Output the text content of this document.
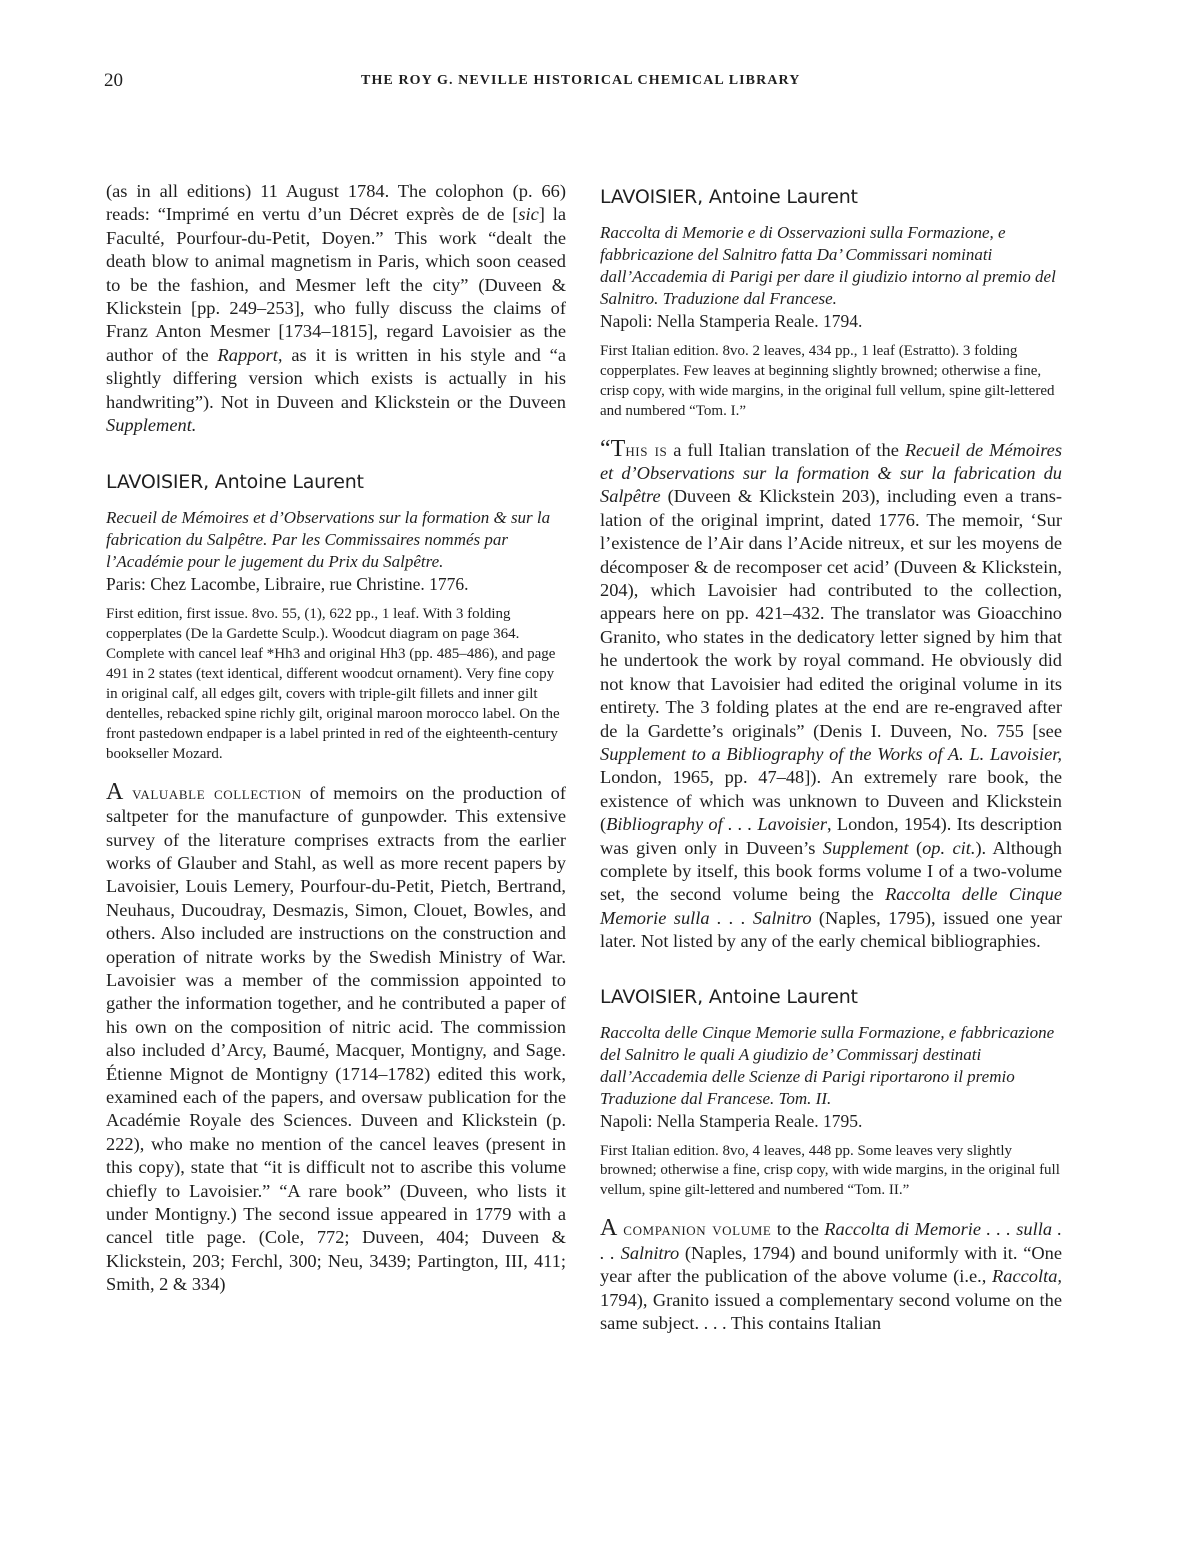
20	THE ROY G. NEVILLE HISTORICAL CHEMICAL LIBRARY

(as in all editions) 11 August 1784. The colophon (p. 66) reads: “Imprimé en vertu d’un Décret exprès de de [sic] la Faculté, Pourfour-du-Petit, Doyen.” This work “dealt the death blow to animal magnetism in Paris, which soon ceased to be the fashion, and Mesmer left the city” (Duveen & Klickstein [pp. 249–253], who fully discuss the claims of Franz Anton Mesmer [1734–1815], regard Lavoisier as the author of the Rapport, as it is written in his style and “a slightly differing version which exists is actually in his handwriting”). Not in Duveen and Klickstein or the Duveen Supplement.

LAVOISIER, Antoine Laurent

Recueil de Mémoires et d’Observations sur la formation & sur la fabrication du Salpêtre. Par les Commissaires nommés par l’Académie pour le jugement du Prix du Salpêtre.

Paris: Chez Lacombe, Libraire, rue Christine. 1776.

First edition, first issue. 8vo. 55, (1), 622 pp., 1 leaf. With 3 folding copperplates (De la Gardette Sculp.). Woodcut diagram on page 364. Complete with cancel leaf *Hh3 and original Hh3 (pp. 485–486), and page 491 in 2 states (text identical, different woodcut ornament). Very fine copy in original calf, all edges gilt, covers with triple-gilt fillets and inner gilt dentelles, rebacked spine richly gilt, original maroon morocco label. On the front pastedown endpaper is a label printed in red of the eighteenth-century bookseller Mozard.

A valuable collection of memoirs on the production of saltpeter for the manufacture of gunpowder. This extensive survey of the literature comprises extracts from the earlier works of Glauber and Stahl, as well as more recent papers by Lavoisier, Louis Lemery, Pourfour-du-Petit, Pietch, Bertrand, Neuhaus, Ducoudray, Desmazis, Simon, Clouet, Bowles, and others. Also included are instructions on the construction and operation of nitrate works by the Swedish Ministry of War. Lavoisier was a member of the commission appointed to gather the information together, and he contributed a paper of his own on the composition of nitric acid. The commission also included d’Arcy, Baumé, Macquer, Montigny, and Sage. Étienne Mignot de Montigny (1714–1782) edited this work, examined each of the papers, and oversaw publication for the Académie Royale des Sciences. Duveen and Klickstein (p. 222), who make no mention of the cancel leaves (present in this copy), state that “it is difficult not to ascribe this volume chiefly to Lavoisier.” “A rare book” (Duveen, who lists it under Montigny.) The second issue appeared in 1779 with a cancel title page. (Cole, 772; Duveen, 404; Duveen & Klickstein, 203; Ferchl, 300; Neu, 3439; Partington, III, 411; Smith, 2 & 334)

LAVOISIER, Antoine Laurent

Raccolta di Memorie e di Osservazioni sulla Formazione, e fabbricazione del Salnitro fatta Da’ Commissari nominati dall’Accademia di Parigi per dare il giudizio intorno al premio del Salnitro. Traduzione dal Francese.

Napoli: Nella Stamperia Reale. 1794.

First Italian edition. 8vo. 2 leaves, 434 pp., 1 leaf (Estratto). 3 folding copperplates. Few leaves at beginning slightly browned; otherwise a fine, crisp copy, with wide margins, in the original full vellum, spine gilt-lettered and numbered “Tom. I.”

“This is a full Italian translation of the Recueil de Mémoires et d’Observations sur la formation & sur la fabrication du Salpêtre (Duveen & Klickstein 203), including even a translation of the original imprint, dated 1776. The memoir, ‘Sur l’existence de l’Air dans l’Acide nitreux, et sur les moyens de décomposer & de recomposer cet acid’ (Duveen & Klickstein, 204), which Lavoisier had contributed to the collection, appears here on pp. 421–432. The translator was Gioacchino Granito, who states in the dedicatory letter signed by him that he undertook the work by royal command. He obviously did not know that Lavoisier had edited the original volume in its entirety. The 3 folding plates at the end are re-engraved after de la Gardette’s originals” (Denis I. Duveen, No. 755 [see Supplement to a Bibliography of the Works of A. L. Lavoisier, London, 1965, pp. 47–48]). An extremely rare book, the existence of which was unknown to Duveen and Klickstein (Bibliography of . . . Lavoisier, London, 1954). Its description was given only in Duveen’s Supplement (op. cit.). Although complete by itself, this book forms volume I of a two-volume set, the second volume being the Raccolta delle Cinque Memorie sulla . . . Salnitro (Naples, 1795), issued one year later. Not listed by any of the early chemical bibliographies.

LAVOISIER, Antoine Laurent

Raccolta delle Cinque Memorie sulla Formazione, e fabbricazione del Salnitro le quali A giudizio de’ Commissarj destinati dall’Accademia delle Scienze di Parigi riportarono il premio Traduzione dal Francese. Tom. II.

Napoli: Nella Stamperia Reale. 1795.

First Italian edition. 8vo, 4 leaves, 448 pp. Some leaves very slightly browned; otherwise a fine, crisp copy, with wide margins, in the original full vellum, spine gilt-lettered and numbered “Tom. II.”

A companion volume to the Raccolta di Memorie . . . sulla . . . Salnitro (Naples, 1794) and bound uniformly with it. “One year after the publication of the above volume (i.e., Raccolta, 1794), Granito issued a complementary second volume on the same subject. . . . This contains Italian
